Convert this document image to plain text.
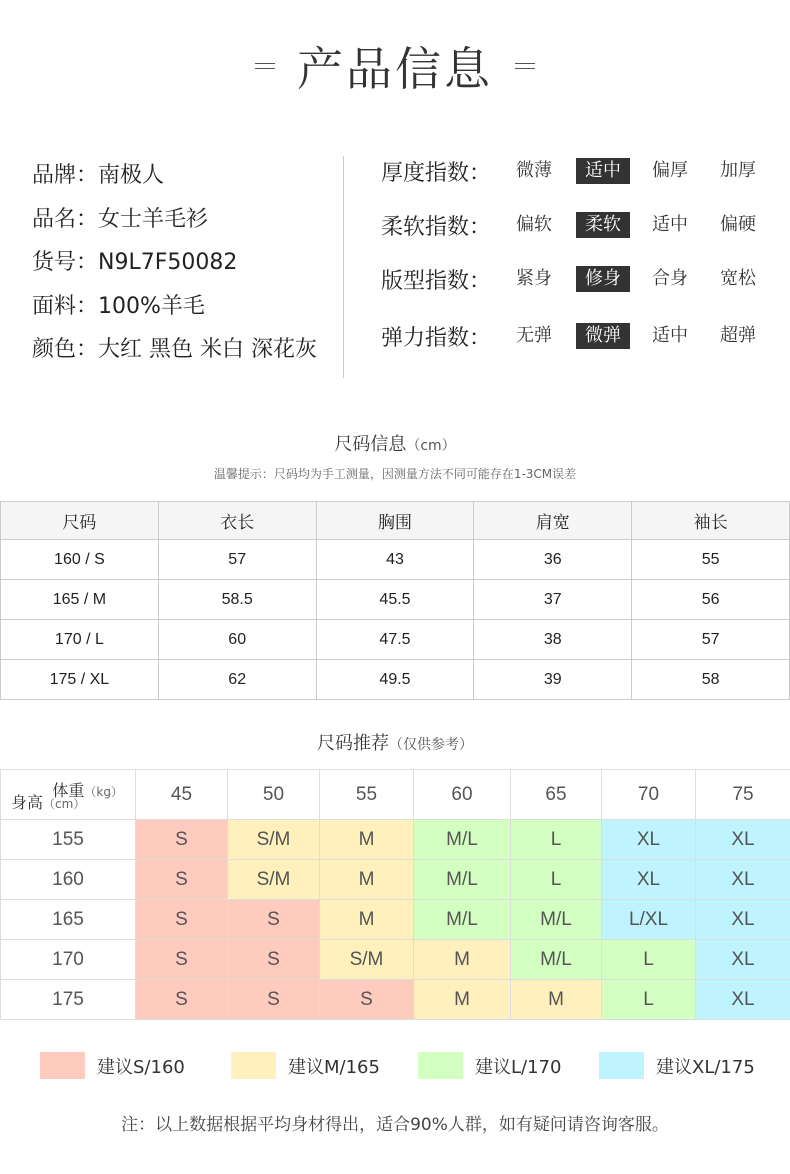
产品信息
品牌：南极人
品名：女士羊毛衫
货号：N9L7F50082
面料：100%羊毛
颜色：大红 黑色 米白 深花灰
厚度指数：	微薄	适中	偏厚	加厚
柔软指数：	偏软	柔软	适中	偏硬
版型指数：	紧身	修身	合身	宽松
弹力指数：	无弹	微弹	适中	超弹
尺码信息（cm）
温馨提示：尺码均为手工测量，因测量方法不同可能存在1-3CM误差
尺码	衣长	胸围	肩宽	袖长
160 / S	57	43	36	55
165 / M	58.5	45.5	37	56
170 / L	60	47.5	38	57
175 / XL	62	49.5	39	58
尺码推荐（仅供参考）
体重（kg）
身高（cm）	45	50	55	60	65	70	75
155	S	S/M	M	M/L	L	XL	XL
160	S	S/M	M	M/L	L	XL	XL
165	S	S	M	M/L	M/L	L/XL	XL
170	S	S	S/M	M	M/L	L	XL
175	S	S	S	M	M	L	XL
建议S/160	建议M/165	建议L/170	建议XL/175
注：以上数据根据平均身材得出，适合90%人群，如有疑问请咨询客服。
